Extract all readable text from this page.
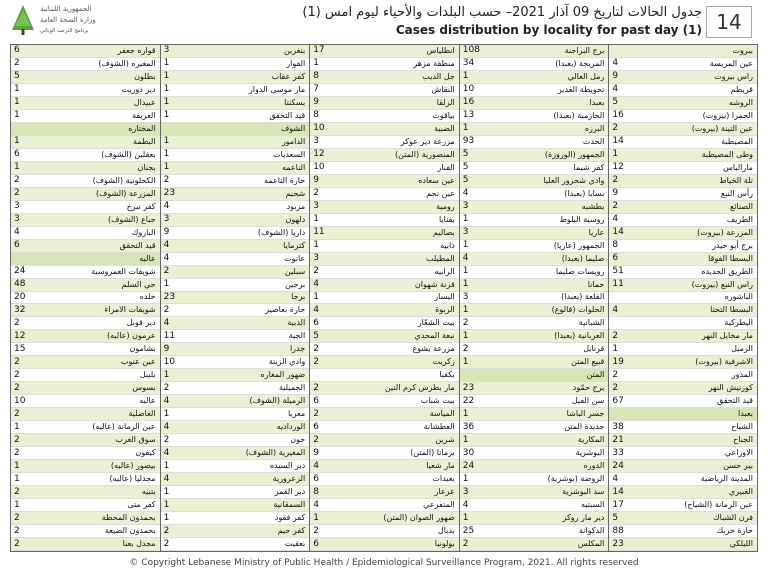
الجمهورية اللبنانية
وزارة الصحة العامة
برنامج الترصد الوبائي
جدول الحالات لتاريخ 09 آذار 2021– حسب البلدات والأحياء ليوم امس (1)
Cases distribution by locality for past day (1) 14
6	قواره جعفر
2	المغيره (الشوف)
5	بطلون
1	دير دوريت
1	عبيدال
1	الغريفة
المختاره
1	البطمة
6	بعقلين (الشوف)
1	بحنان
2	الكحلونية (الشوف)
2	المزرعة (الشوف)
3	كفر نبرخ
3	جباع (الشوف)
4	الباروك
6	قيد التحقق
عاليه
24	شويفات العمروسية
48	حي السلم
20	خلده
32	شويفات الامراء
2	دير قوبل
12	عرمون (عاليه)
15	بشامون
2	عين عنوب
2	بليبل
2	بسوس
10	عاليه
2	الغاضلية
1	عين الرمانة (عاليه)
2	سوق الغرب
2	كيفون
1	بيصور (عاليه)
1	مجدليا (عاليه)
2	بتبيه
1	كفر متى
2	بحمدون المحطة
2	بحمدون الضيعة
2	مجدل بعنا
3	بتغرين
1	الفوار
1	كفر عقاب
1	مار موسى الدوار
1	بسكنتا
1	قيد التحقق
الشوف
1	الدامور
1	السعديات
1	الناعمه
2	حارة الناعمه
23	شحيم
4	مزبود
3	دلهون
9	داريا (الشوف)
4	كترمايا
4	عانوت
2	سبلين
1	برجين
23	برجا
2	حارة بعاصير
4	الدبية
11	الجية
9	جدرا
10	وادي الزينة
1	ضهور المغاره
2	الجميلية
4	الرميلة (الشوف)
1	معريا
4	الورداديه
2	جون
4	المغيرية (الشوف)
1	دير السيده
4	الزعرورية
1	دير القمر
1	السمقانية
1	كفر فقود
2	كفر حيم
2	بعقيت
17	انطلياس
1	منطقة مزهر
8	جل الديب
7	النقاش
9	الزلقا
8	بياقوت
10	الضبية
3	مزرعة دير عوكر
12	المنصورية (المتن)
10	الفنار
9	عين سعاده
2	عين نجم
3	رومية
1	بقنايا
11	بصاليم
1	ذابيه
3	المطيلب
2	الرابيه
4	قرنة شهوان
1	اليسار
4	الربوة
6	بيت الشعّار
5	نبعة المحدي
2	مزرعة يشوع
2	زكريت
بكفيا
2	مار بطرس كرم التين
6	بيت شباب
2	المياسة
6	العطشانة
2	شرين
9	برمانا (المتن)
4	مار شعيا
6	بعبدات
8	عرعار
4	المتفرعي
1	ضهور الصوان (المتن)
2	بدبال
6	بولونيا
108	برج البراجنة
34	المريجة (بعبدا)
1	رمل العالي
10	تحويطة الغدير
16	بعبدا
13	الحازمية (بعبدا)
1	البرزه
93	الحدث
5	الجمهور (الوروزة)
5	كفر شيما
5	وادي شحرور العليا
4	بسابا (بعبدا)
3	بطشيه
1	روسية البلوط
3	عاريا
1	الجمهور (عاريا)
4	صليما (بعبدا)
1	رويسات صليما
1	حمانا
3	القلعة (بعبدا)
1	الحلوات (قالوع)
2	الشبانية
1	العربانية (بعبدا)
2	قرنايل
1	قبيع المتن
المتن
23	برج حمّود
22	سن الفيل
1	جسر الباشا
36	جديدة المتن
1	المكارية
30	البوشرية
24	الدوره
1	الروضة (بوشرية)
3	سد البوشرية
4	السبتيه
1	دير مار روكز
25	الدكوانة
2	المكلس
بيروت
4	عين المريسة
9	راس بيروت
4	قريطم
5	الروشه
16	الحمرا (بيروت)
2	عين التينة (بيروت)
14	المصيطبة
1	وطى المصيطبة
12	مارالياس
2	تلة الخياط
9	رأس النبع
2	الصنائع
4	الطريف
14	المزرعة (بيروت)
8	برج أبو حيدر
6	البسطا الفوقا
51	الطريق الجديده
11	راس النبع (بيروت)
الباشوره
4	البسطا التحتا
البطركية
2	مار مخايل النهر
1	الرميل
19	الاشرفية (بيروت)
2	المدور
2	كورنيش النهر
67	قيد التحقق
بعبدا
38	الشياح
21	الجناح
33	الاوزاعي
24	بير حسن
4	المدينة الرياضية
14	الغبيري
17	عين الرمانة (الشياح)
5	فرن الشباك
88	حارة حريك
23	الليلكي
© Copyright Lebanese Ministry of Public Health / Epidemiological Surveillance Program, 2021. All rights reserved
